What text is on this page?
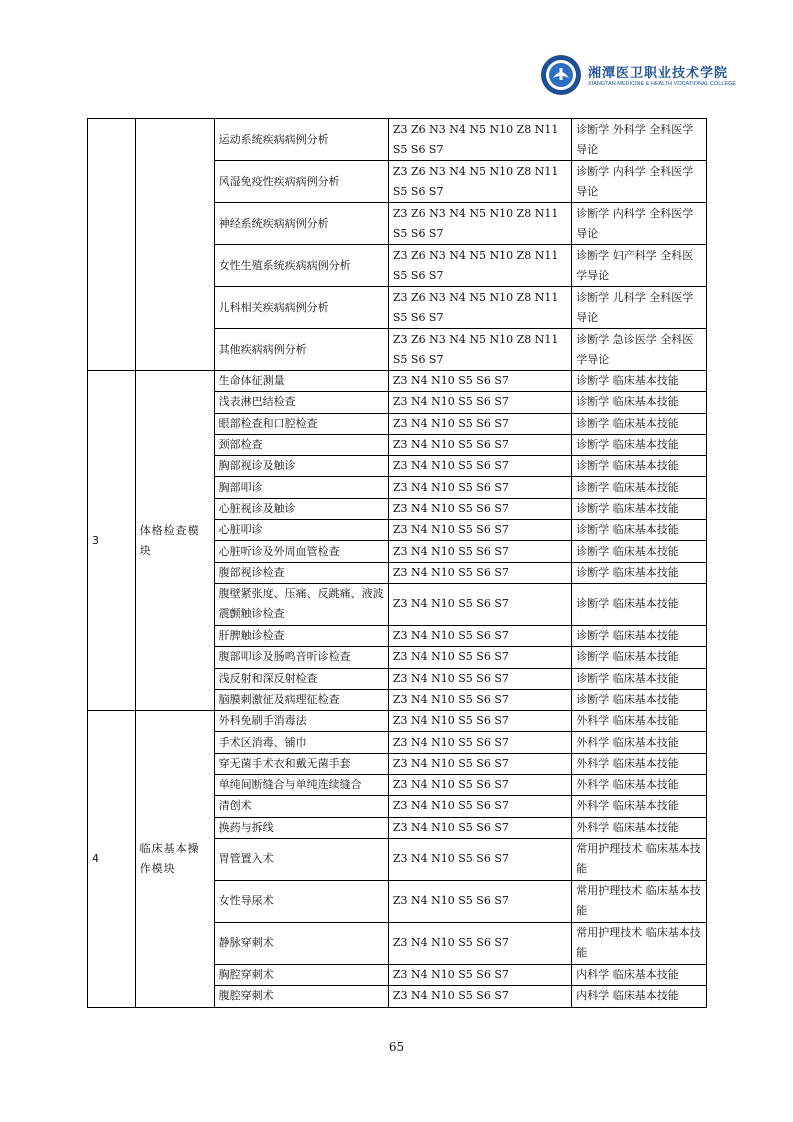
湘潭医卫职业技术学院
XIANGTAN MEDICINE & HEALTH VOCATIONAL COLLEGE
		运动系统疾病病例分析	Z3 Z6 N3 N4 N5 N10 Z8 N11 S5 S6 S7	诊断学 外科学 全科医学导论
		风湿免疫性疾病病例分析	Z3 Z6 N3 N4 N5 N10 Z8 N11 S5 S6 S7	诊断学 内科学 全科医学导论
		神经系统疾病病例分析	Z3 Z6 N3 N4 N5 N10 Z8 N11 S5 S6 S7	诊断学 内科学 全科医学导论
		女性生殖系统疾病病例分析	Z3 Z6 N3 N4 N5 N10 Z8 N11 S5 S6 S7	诊断学 妇产科学 全科医学导论
		儿科相关疾病病例分析	Z3 Z6 N3 N4 N5 N10 Z8 N11 S5 S6 S7	诊断学 儿科学 全科医学导论
		其他疾病病例分析	Z3 Z6 N3 N4 N5 N10 Z8 N11 S5 S6 S7	诊断学 急诊医学 全科医学导论
3	体格检查模块	生命体征测量	Z3 N4 N10 S5 S6 S7	诊断学 临床基本技能
		浅表淋巴结检查	Z3 N4 N10 S5 S6 S7	诊断学 临床基本技能
		眼部检查和口腔检查	Z3 N4 N10 S5 S6 S7	诊断学 临床基本技能
		颈部检查	Z3 N4 N10 S5 S6 S7	诊断学 临床基本技能
		胸部视诊及触诊	Z3 N4 N10 S5 S6 S7	诊断学 临床基本技能
		胸部叩诊	Z3 N4 N10 S5 S6 S7	诊断学 临床基本技能
		心脏视诊及触诊	Z3 N4 N10 S5 S6 S7	诊断学 临床基本技能
		心脏叩诊	Z3 N4 N10 S5 S6 S7	诊断学 临床基本技能
		心脏听诊及外周血管检查	Z3 N4 N10 S5 S6 S7	诊断学 临床基本技能
		腹部视诊检查	Z3 N4 N10 S5 S6 S7	诊断学 临床基本技能
		腹壁紧张度、压痛、反跳痛、液波震颤触诊检查	Z3 N4 N10 S5 S6 S7	诊断学 临床基本技能
		肝脾触诊检查	Z3 N4 N10 S5 S6 S7	诊断学 临床基本技能
		腹部叩诊及肠鸣音听诊检查	Z3 N4 N10 S5 S6 S7	诊断学 临床基本技能
		浅反射和深反射检查	Z3 N4 N10 S5 S6 S7	诊断学 临床基本技能
		脑膜刺激征及病理征检查	Z3 N4 N10 S5 S6 S7	诊断学 临床基本技能
4	临床基本操作模块	外科免刷手消毒法	Z3 N4 N10 S5 S6 S7	外科学 临床基本技能
		手术区消毒、铺巾	Z3 N4 N10 S5 S6 S7	外科学 临床基本技能
		穿无菌手术衣和戴无菌手套	Z3 N4 N10 S5 S6 S7	外科学 临床基本技能
		单纯间断缝合与单纯连续缝合	Z3 N4 N10 S5 S6 S7	外科学 临床基本技能
		清创术	Z3 N4 N10 S5 S6 S7	外科学 临床基本技能
		换药与拆线	Z3 N4 N10 S5 S6 S7	外科学 临床基本技能
		胃管置入术	Z3 N4 N10 S5 S6 S7	常用护理技术 临床基本技能
		女性导尿术	Z3 N4 N10 S5 S6 S7	常用护理技术 临床基本技能
		静脉穿刺术	Z3 N4 N10 S5 S6 S7	常用护理技术 临床基本技能
		胸腔穿刺术	Z3 N4 N10 S5 S6 S7	内科学 临床基本技能
		腹腔穿刺术	Z3 N4 N10 S5 S6 S7	内科学 临床基本技能
65
